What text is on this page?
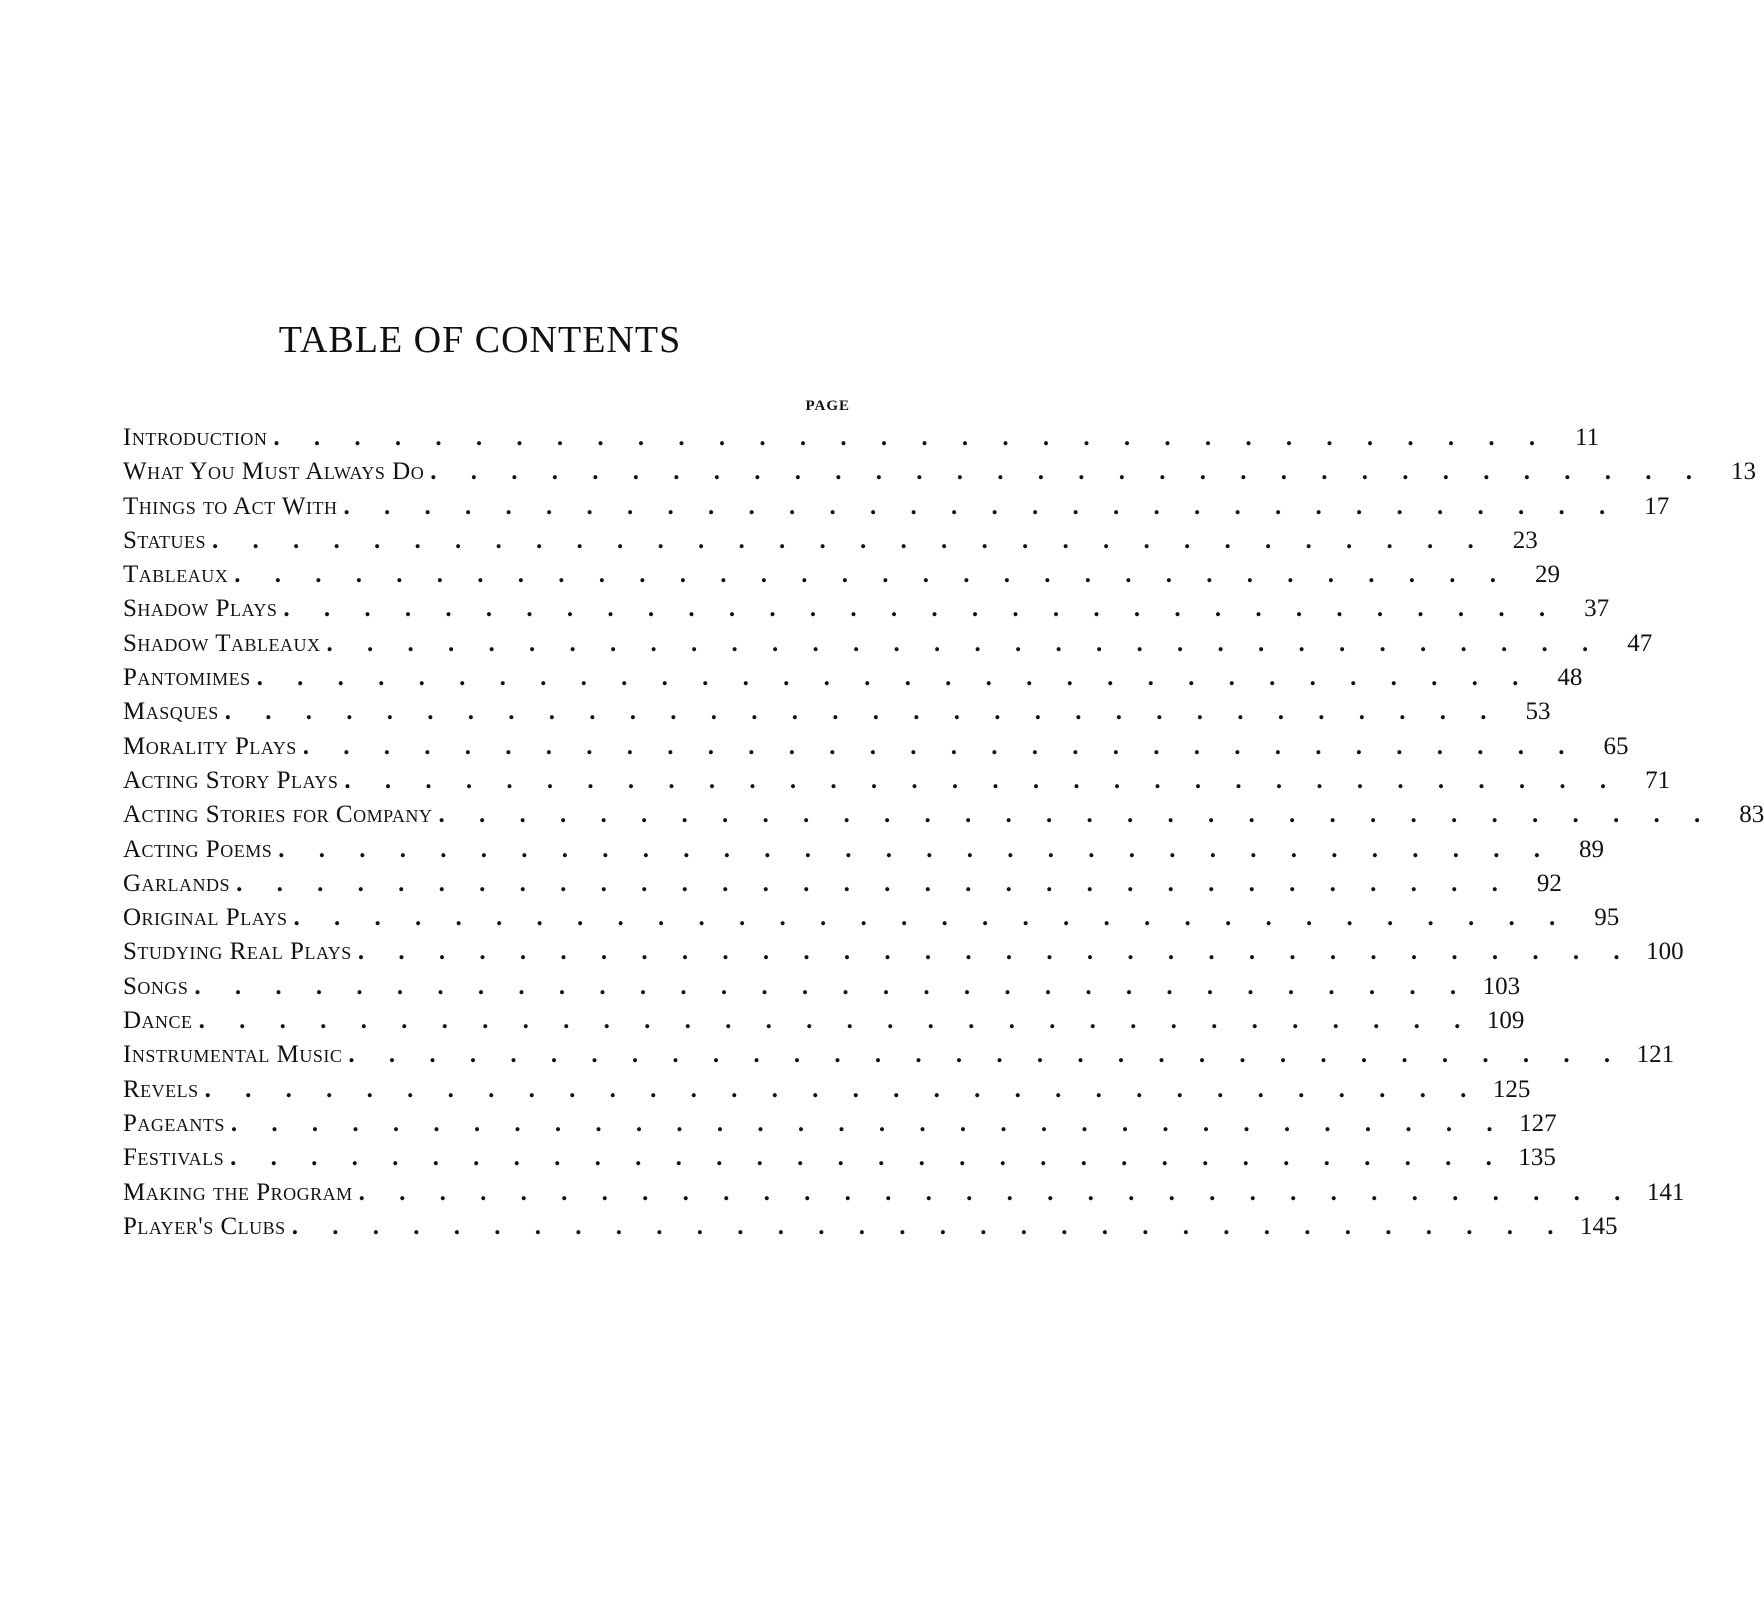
TABLE OF CONTENTS
PAGE
Introduction . . . . . . . . . . . . . . . . . . . . . . . . . . . . . . . .	11
What You Must Always Do . . . . . . . . . . . . . . . . . . . . . . . . . . . . . . . .	13
Things to Act With . . . . . . . . . . . . . . . . . . . . . . . . . . . . . . . .	17
Statues . . . . . . . . . . . . . . . . . . . . . . . . . . . . . . . .	23
Tableaux . . . . . . . . . . . . . . . . . . . . . . . . . . . . . . . .	29
Shadow Plays . . . . . . . . . . . . . . . . . . . . . . . . . . . . . . . .	37
Shadow Tableaux . . . . . . . . . . . . . . . . . . . . . . . . . . . . . . . .	47
Pantomimes . . . . . . . . . . . . . . . . . . . . . . . . . . . . . . . .	48
Masques . . . . . . . . . . . . . . . . . . . . . . . . . . . . . . . .	53
Morality Plays . . . . . . . . . . . . . . . . . . . . . . . . . . . . . . . .	65
Acting Story Plays . . . . . . . . . . . . . . . . . . . . . . . . . . . . . . . .	71
Acting Stories for Company . . . . . . . . . . . . . . . . . . . . . . . . . . . . . . . .	83
Acting Poems . . . . . . . . . . . . . . . . . . . . . . . . . . . . . . . .	89
Garlands . . . . . . . . . . . . . . . . . . . . . . . . . . . . . . . .	92
Original Plays . . . . . . . . . . . . . . . . . . . . . . . . . . . . . . . .	95
Studying Real Plays . . . . . . . . . . . . . . . . . . . . . . . . . . . . . . . . 100
Songs . . . . . . . . . . . . . . . . . . . . . . . . . . . . . . . . 103
Dance . . . . . . . . . . . . . . . . . . . . . . . . . . . . . . . . 109
Instrumental Music . . . . . . . . . . . . . . . . . . . . . . . . . . . . . . . . 121
Revels . . . . . . . . . . . . . . . . . . . . . . . . . . . . . . . . 125
Pageants . . . . . . . . . . . . . . . . . . . . . . . . . . . . . . . . 127
Festivals . . . . . . . . . . . . . . . . . . . . . . . . . . . . . . . . 135
Making the Program . . . . . . . . . . . . . . . . . . . . . . . . . . . . . . . . 141
Player's Clubs . . . . . . . . . . . . . . . . . . . . . . . . . . . . . . . . 145
